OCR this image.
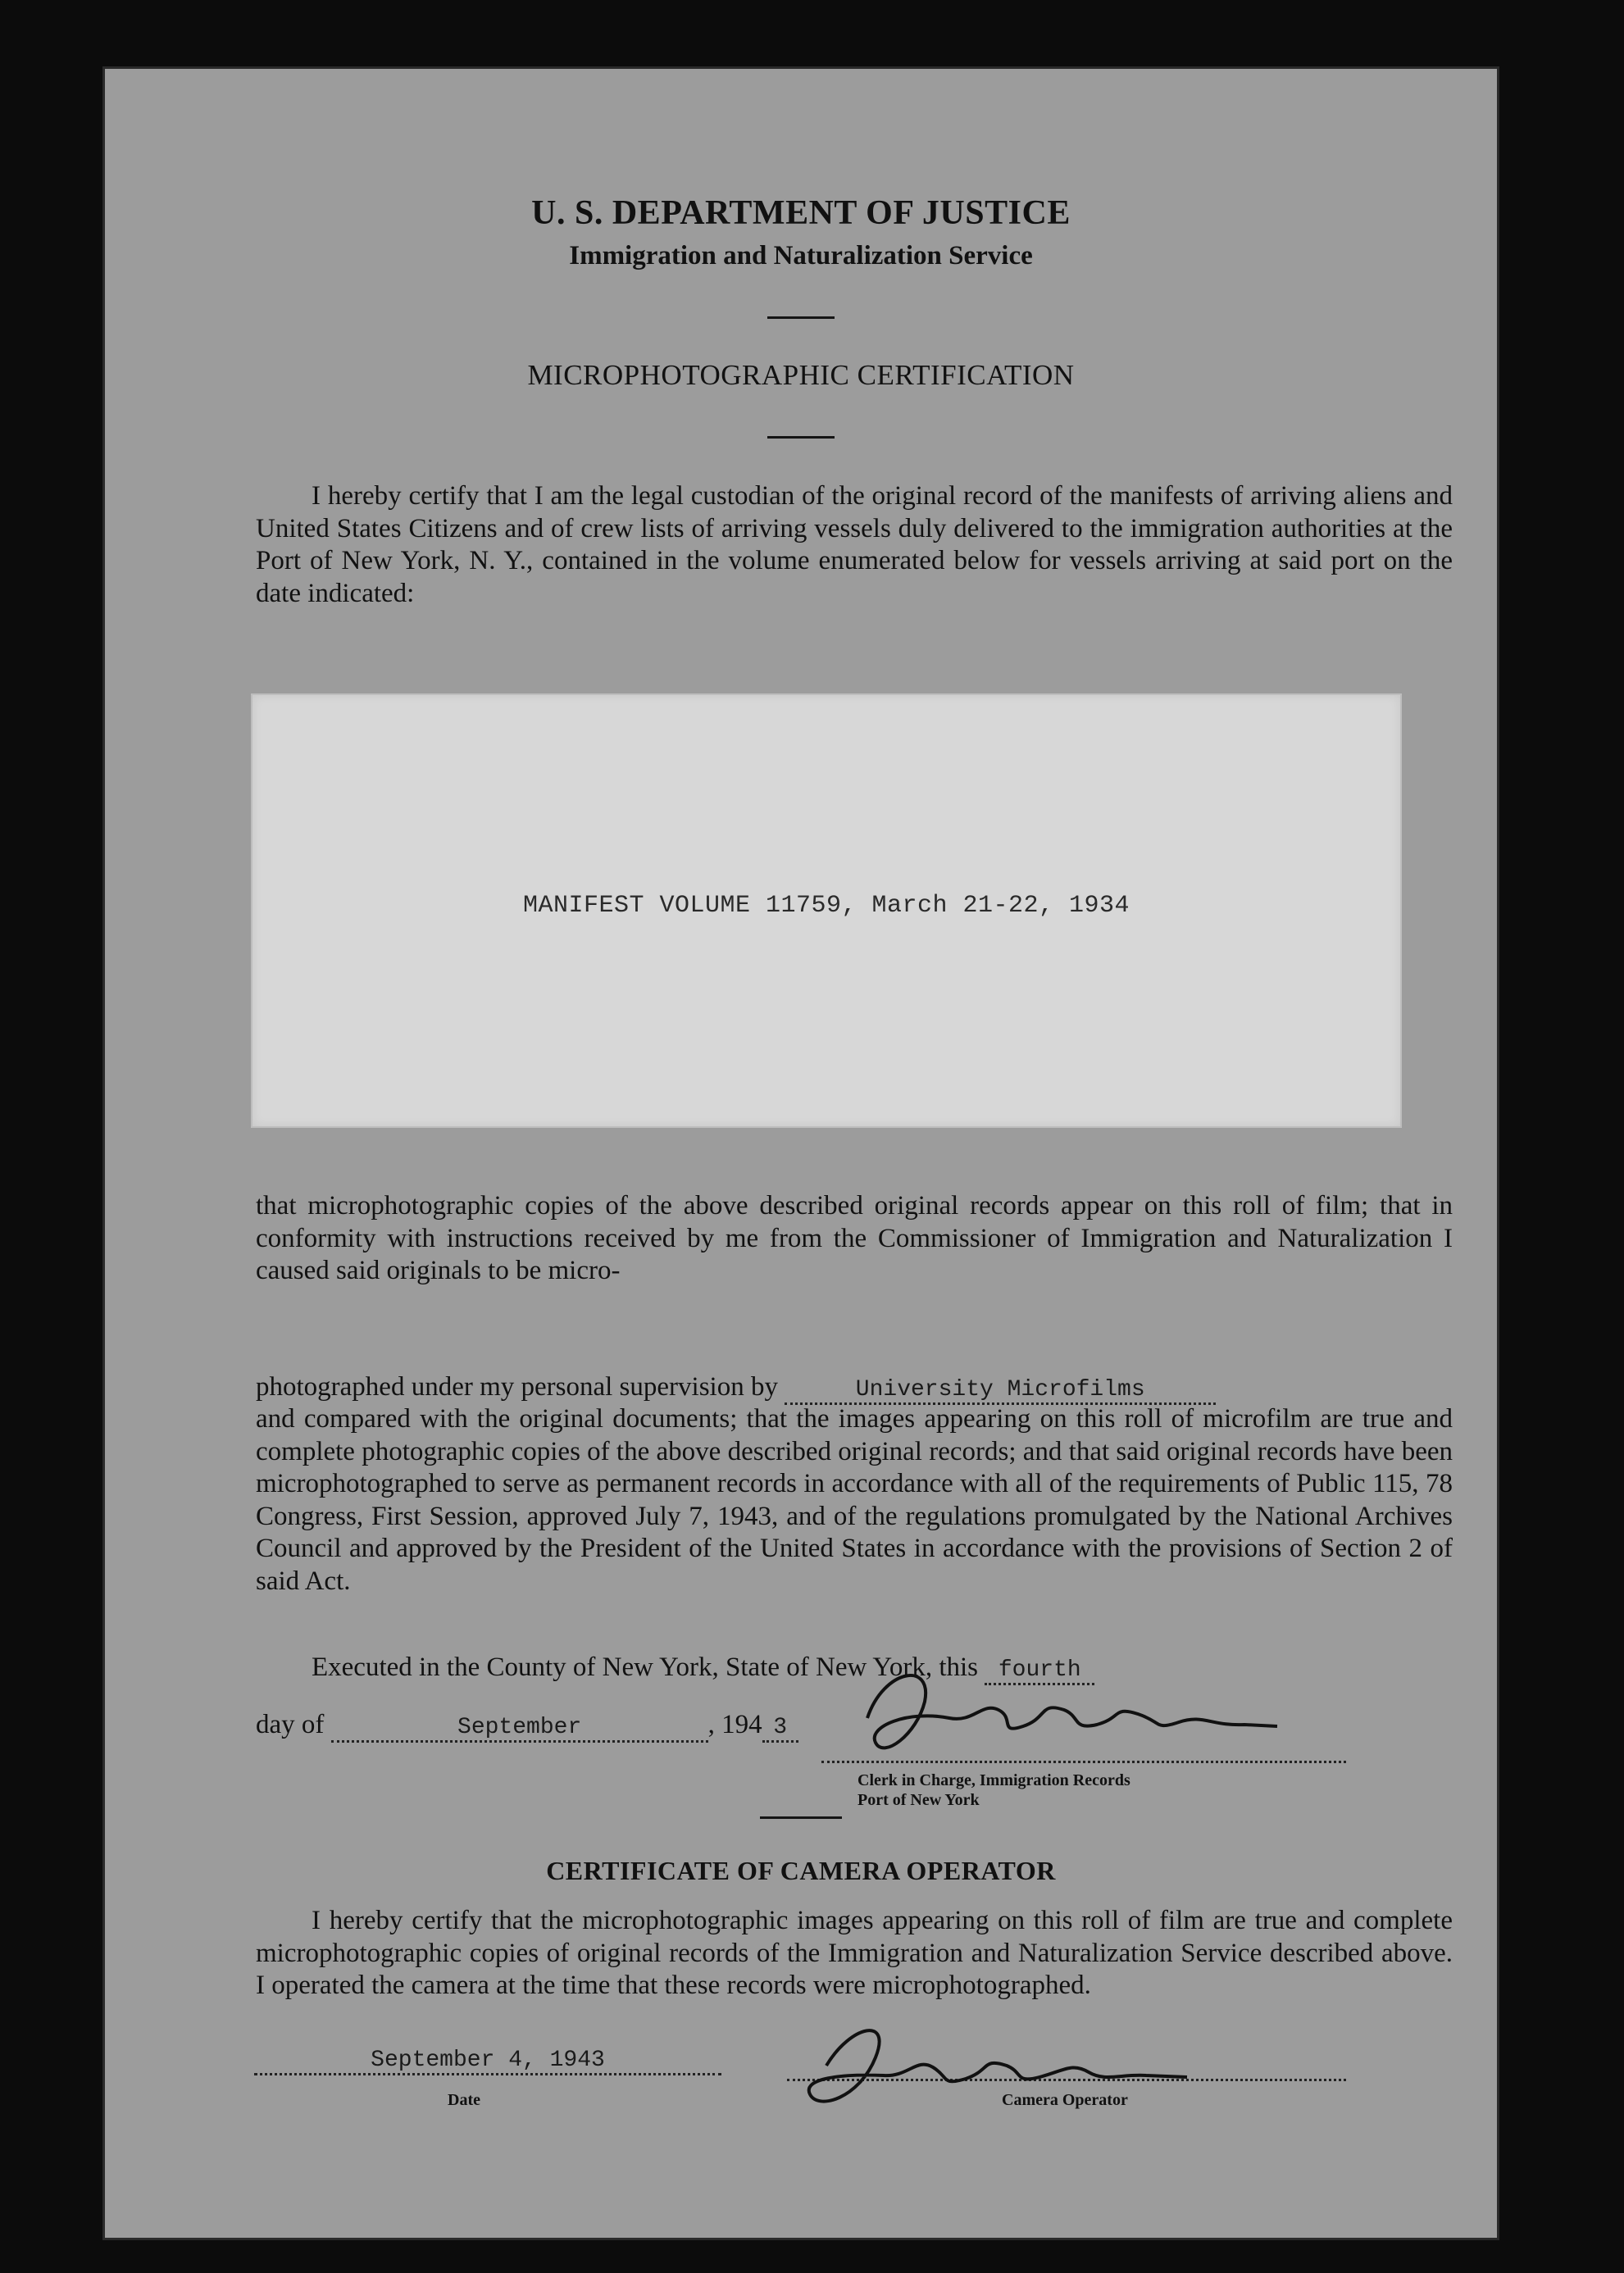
U. S. DEPARTMENT OF JUSTICE
Immigration and Naturalization Service
MICROPHOTOGRAPHIC CERTIFICATION
I hereby certify that I am the legal custodian of the original record of the manifests of arriving aliens and United States Citizens and of crew lists of arriving vessels duly delivered to the immigration authorities at the Port of New York, N. Y., contained in the volume enumerated below for vessels arriving at said port on the date indicated:
MANIFEST VOLUME 11759, March 21-22, 1934
that microphotographic copies of the above described original records appear on this roll of film; that in conformity with instructions received by me from the Commissioner of Immigration and Naturalization I caused said originals to be micro-
photographed under my personal supervision by	University Microfilms
and compared with the original documents; that the images appearing on this roll of microfilm are true and complete photographic copies of the above described original records; and that said original records have been microphotographed to serve as permanent records in accordance with all of the requirements of Public 115, 78 Congress, First Session, approved July 7, 1943, and of the regulations promulgated by the National Archives Council and approved by the President of the United States in accordance with the provisions of Section 2 of said Act.
Executed in the County of New York, State of New York, this fourth
day of	September	, 194 3
Clerk in Charge, Immigration Records
Port of New York
CERTIFICATE OF CAMERA OPERATOR
I hereby certify that the microphotographic images appearing on this roll of film are true and complete microphotographic copies of original records of the Immigration and Naturalization Service described above. I operated the camera at the time that these records were microphotographed.
September 4, 1943
Date	Camera Operator
